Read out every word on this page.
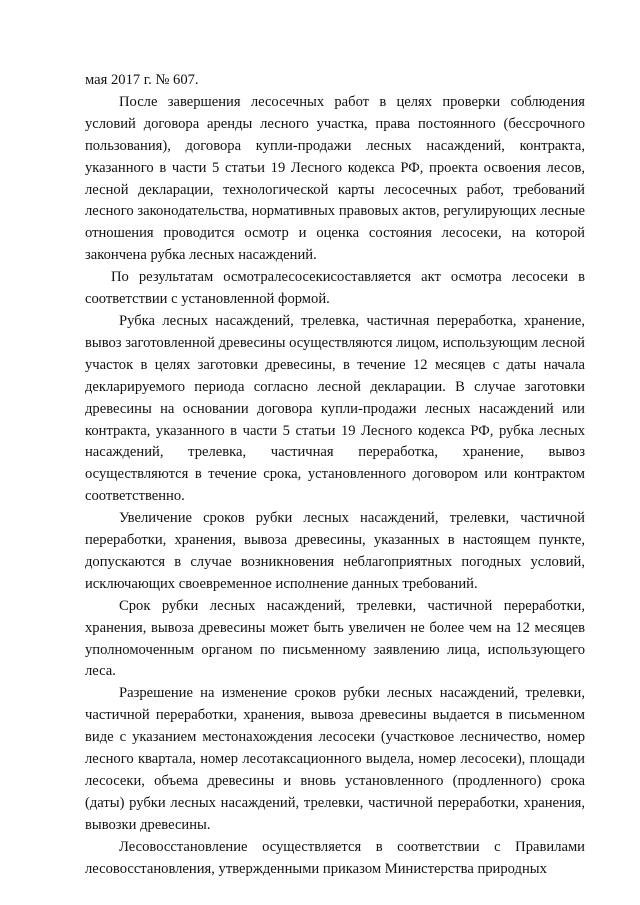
мая 2017 г. № 607.

После завершения лесосечных работ в целях проверки соблюдения условий договора аренды лесного участка, права постоянного (бессрочного пользования), договора купли-продажи лесных насаждений, контракта, указанного в части 5 статьи 19 Лесного кодекса РФ, проекта освоения лесов, лесной декларации, технологической карты лесосечных работ, требований лесного законодательства, нормативных правовых актов, регулирующих лесные отношения проводится осмотр и оценка состояния лесосеки, на которой закончена рубка лесных насаждений.

По результатам осмотралесосекисоставляется акт осмотра лесосеки в соответствии с установленной формой.

Рубка лесных насаждений, трелевка, частичная переработка, хранение, вывоз заготовленной древесины осуществляются лицом, использующим лесной участок в целях заготовки древесины, в течение 12 месяцев с даты начала декларируемого периода согласно лесной декларации. В случае заготовки древесины на основании договора купли-продажи лесных насаждений или контракта, указанного в части 5 статьи 19 Лесного кодекса РФ, рубка лесных насаждений, трелевка, частичная переработка, хранение, вывоз осуществляются в течение срока, установленного договором или контрактом соответственно.

Увеличение сроков рубки лесных насаждений, трелевки, частичной переработки, хранения, вывоза древесины, указанных в настоящем пункте, допускаются в случае возникновения неблагоприятных погодных условий, исключающих своевременное исполнение данных требований.

Срок рубки лесных насаждений, трелевки, частичной переработки, хранения, вывоза древесины может быть увеличен не более чем на 12 месяцев уполномоченным органом по письменному заявлению лица, использующего леса.

Разрешение на изменение сроков рубки лесных насаждений, трелевки, частичной переработки, хранения, вывоза древесины выдается в письменном виде с указанием местонахождения лесосеки (участковое лесничество, номер лесного квартала, номер лесотаксационного выдела, номер лесосеки), площади лесосеки, объема древесины и вновь установленного (продленного) срока (даты) рубки лесных насаждений, трелевки, частичной переработки, хранения, вывозки древесины.

Лесовосстановление осуществляется в соответствии с Правилами лесовосстановления, утвержденными приказом Министерства природных
